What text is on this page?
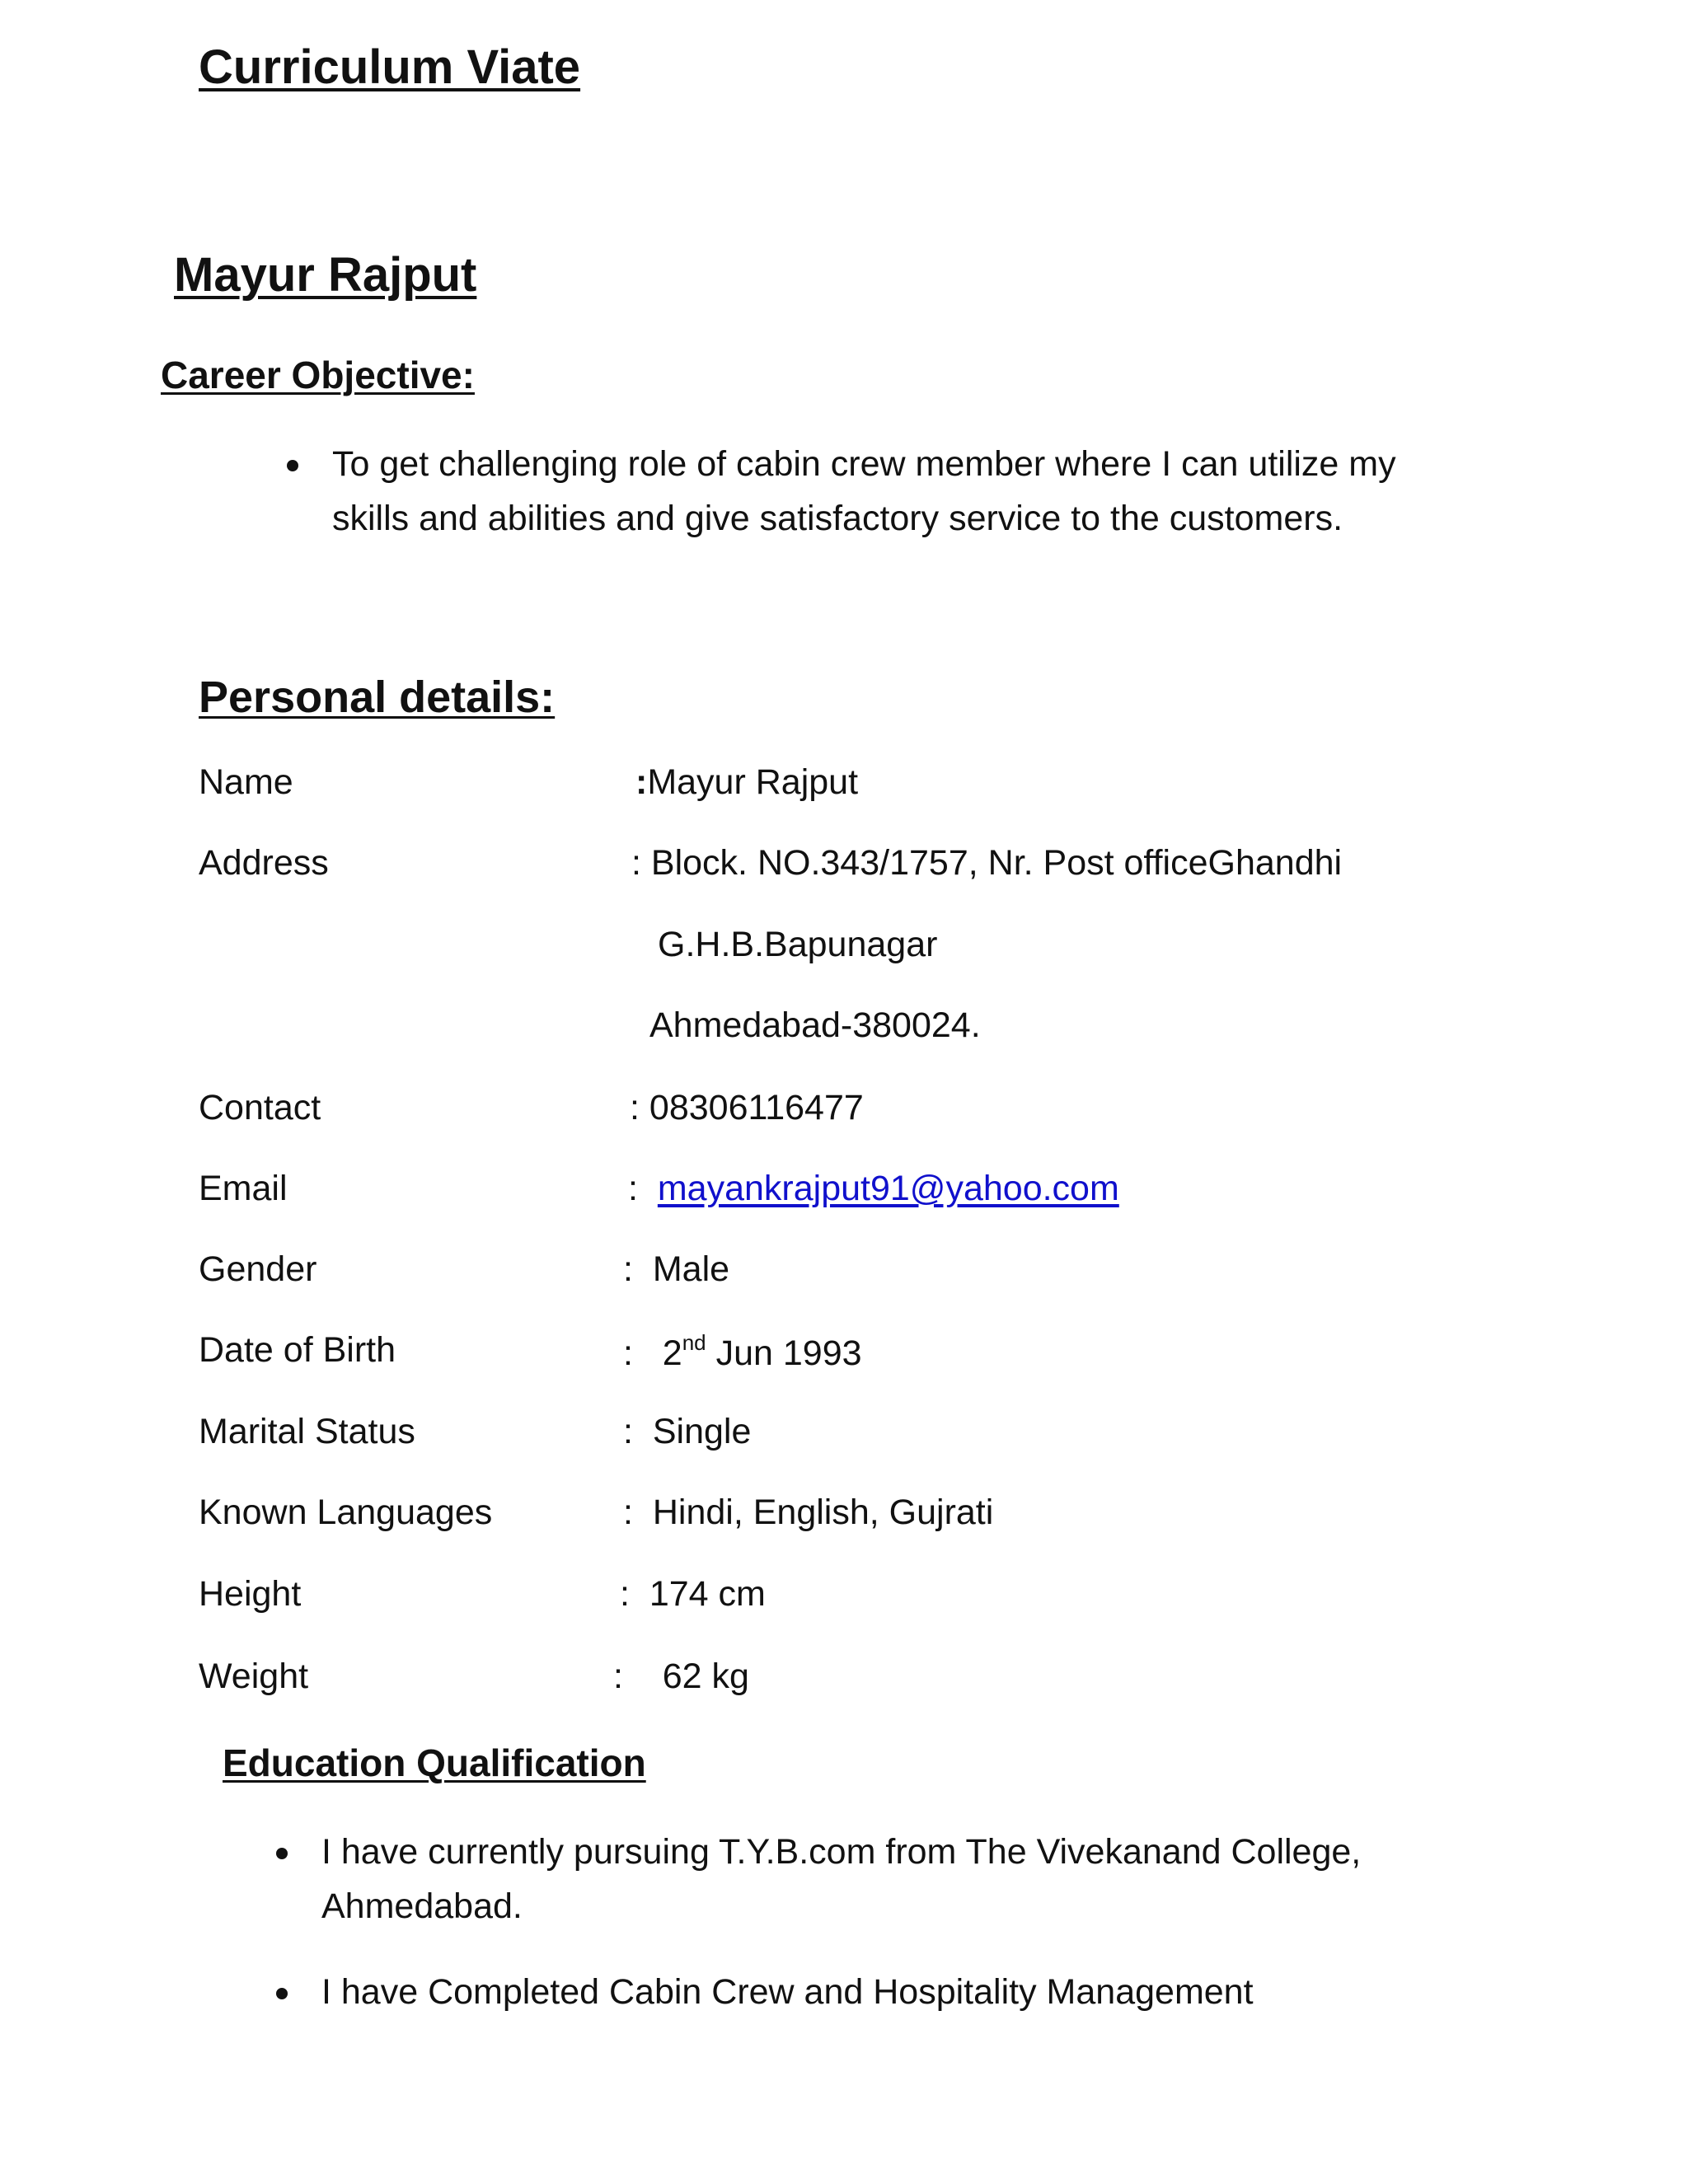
Curriculum Viate
Mayur Rajput
Career Objective:
To get challenging role of cabin crew member where I can utilize my skills and abilities and give satisfactory service to the customers.
Personal details:
Name	:Mayur Rajput
Address	: Block. NO.343/1757, Nr. Post officeGhandhi
G.H.B.Bapunagar
Ahmedabad-380024.
Contact	: 08306116477
Email	:  mayankrajput91@yahoo.com
Gender	:  Male
Date of Birth	:   2nd Jun 1993
Marital Status	:  Single
Known Languages	:  Hindi, English, Gujrati
Height	:  174 cm
Weight	:    62 kg
Education Qualification
I have currently pursuing T.Y.B.com from The Vivekanand College, Ahmedabad.
I have Completed Cabin Crew and Hospitality Management
